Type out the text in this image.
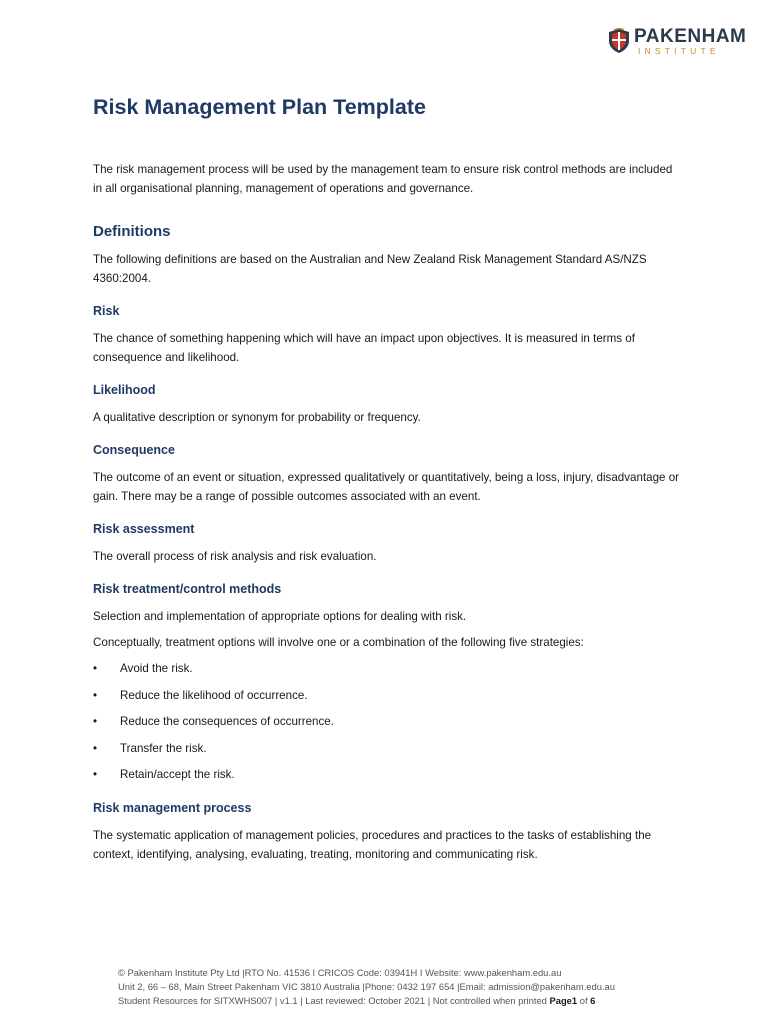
PAKENHAM
INSTITUTE
Risk Management Plan Template
The risk management process will be used by the management team to ensure risk control methods are included in all organisational planning, management of operations and governance.
Definitions
The following definitions are based on the Australian and New Zealand Risk Management Standard AS/NZS 4360:2004.
Risk
The chance of something happening which will have an impact upon objectives. It is measured in terms of consequence and likelihood.
Likelihood
A qualitative description or synonym for probability or frequency.
Consequence
The outcome of an event or situation, expressed qualitatively or quantitatively, being a loss, injury, disadvantage or gain. There may be a range of possible outcomes associated with an event.
Risk assessment
The overall process of risk analysis and risk evaluation.
Risk treatment/control methods
Selection and implementation of appropriate options for dealing with risk.
Conceptually, treatment options will involve one or a combination of the following five strategies:
• Avoid the risk.
• Reduce the likelihood of occurrence.
• Reduce the consequences of occurrence.
• Transfer the risk.
• Retain/accept the risk.
Risk management process
The systematic application of management policies, procedures and practices to the tasks of establishing the context, identifying, analysing, evaluating, treating, monitoring and communicating risk.
© Pakenham Institute Pty Ltd |RTO No. 41536 I CRICOS Code: 03941H I Website: www.pakenham.edu.au
Unit 2, 66 – 68, Main Street Pakenham VIC 3810 Australia |Phone: 0432 197 654 |Email: admission@pakenham.edu.au
Student Resources for SITXWHS007 | v1.1 | Last reviewed: October 2021 | Not controlled when printed Page1 of 6
